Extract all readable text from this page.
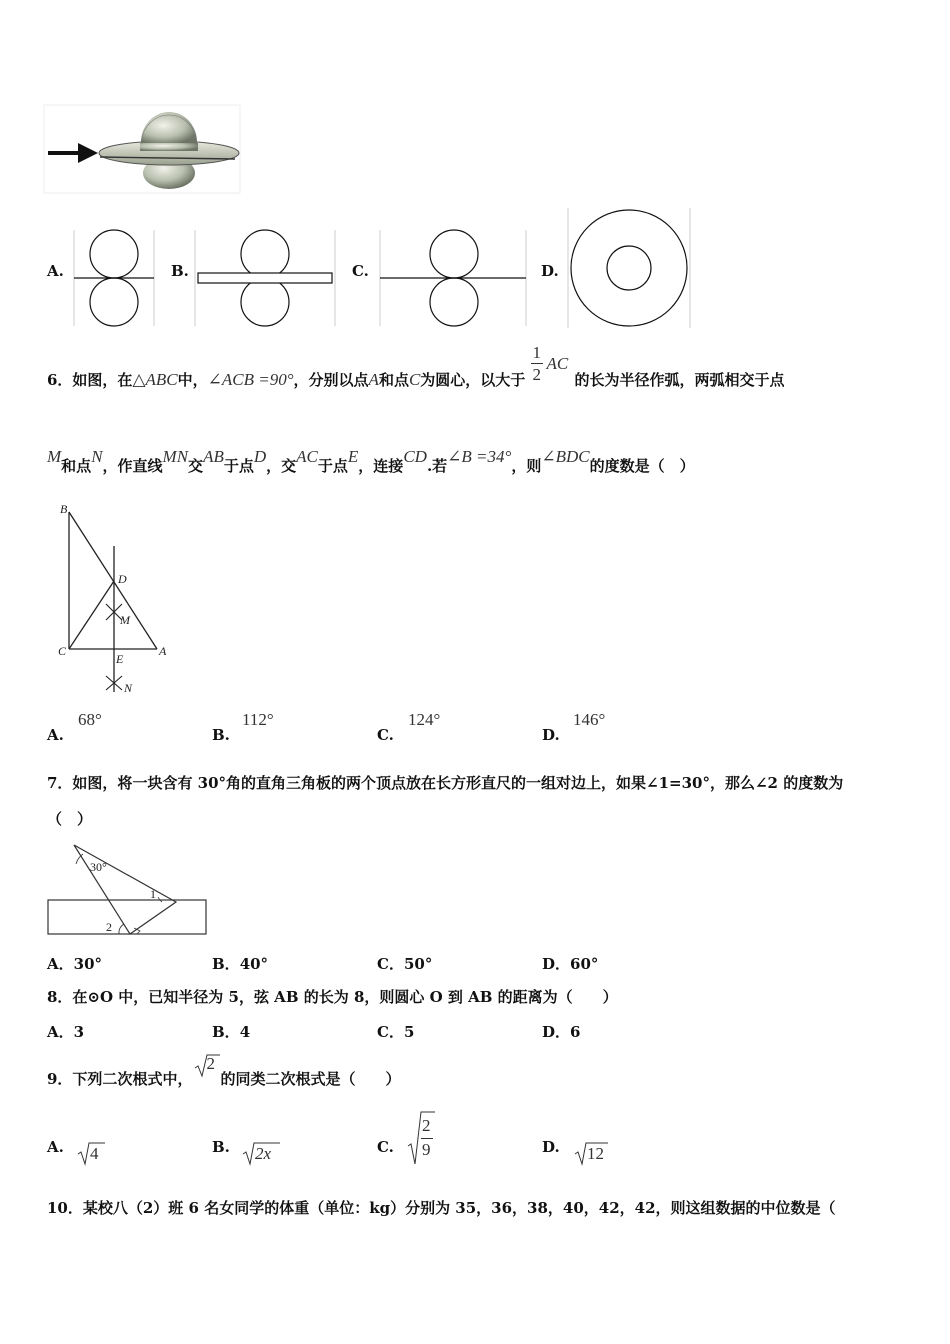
A.	B.	C.	D.
6．如图，在△ABC中，∠ACB =90°，分别以点A和点C为圆心，以大于
1
2
AC
的长为半径作弧，两弧相交于点
M和点N，作直线MN交AB于点D，交AC于点E，连接CD.若∠B =34°，则∠BDC的度数是（　）
B
D
M
C
E
A
N
A.
68°
B.
112°
C.
124°
D.
146°
7．如图，将一块含有 30°角的直角三角板的两个顶点放在长方形直尺的一组对边上，如果∠1=30°，那么∠2 的度数为
（　）
30°
1
2
A．30°	B．40°	C．50°	D．60°
8．在⊙O 中，已知半径为 5，弦 AB 的长为 8，则圆心 O 到 AB 的距离为（　　）
A．3	B．4	C．5	D．6
9．下列二次根式中，
2
的同类二次根式是（　　）
A. 4	B. 2x	C.
2
9	D. 12
10．某校八（2）班 6 名女同学的体重（单位：kg）分别为 35，36，38，40，42，42，则这组数据的中位数是（
